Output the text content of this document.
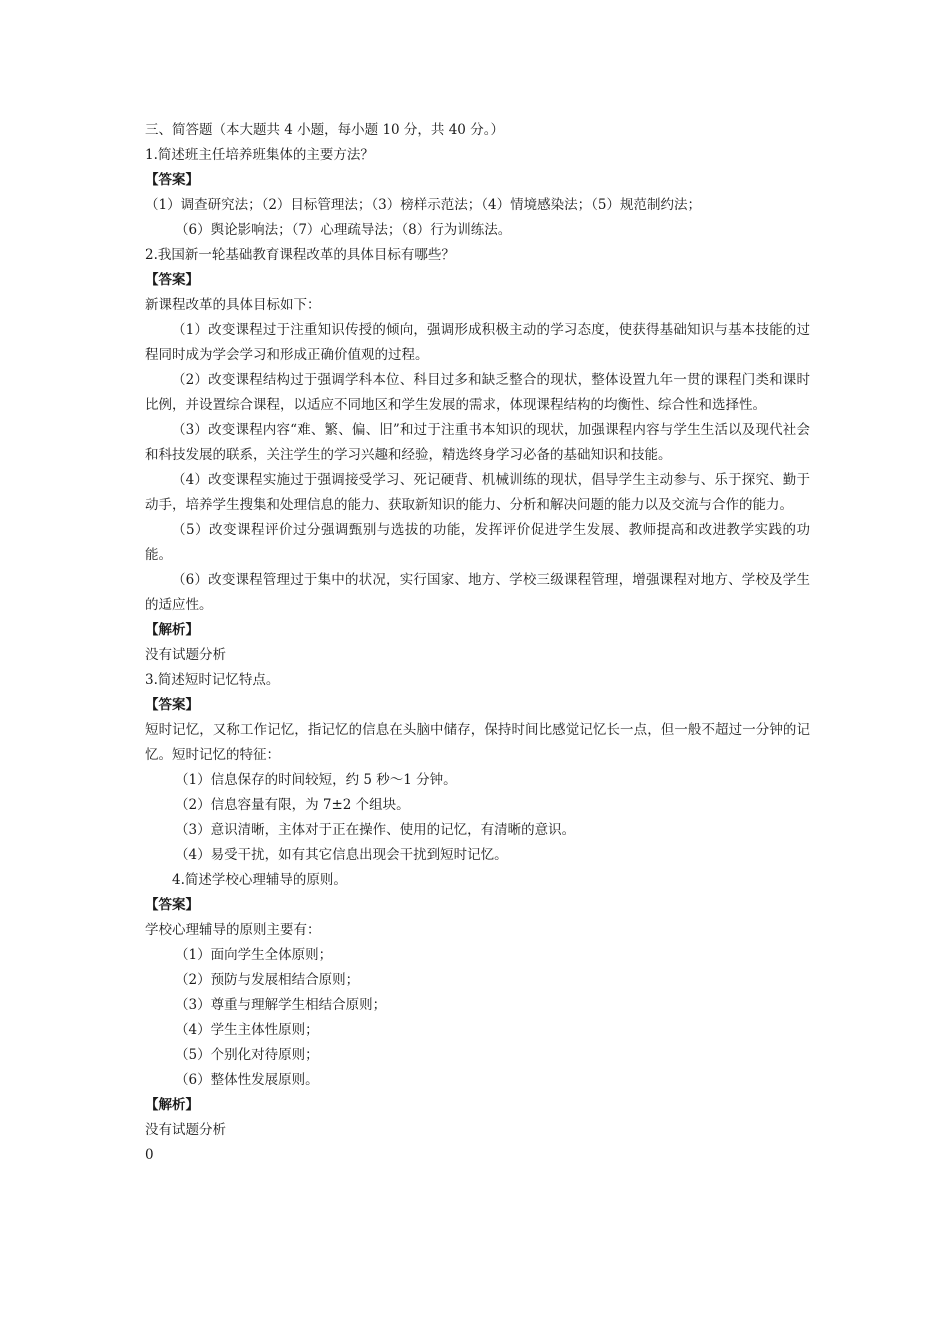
三、简答题（本大题共 4 小题，每小题 10 分，共 40 分。）
1.简述班主任培养班集体的主要方法？
【答案】
（1）调查研究法；（2）目标管理法；（3）榜样示范法；（4）情境感染法；（5）规范制约法；
（6）舆论影响法；（7）心理疏导法；（8）行为训练法。
2.我国新一轮基础教育课程改革的具体目标有哪些？
【答案】
新课程改革的具体目标如下：
（1）改变课程过于注重知识传授的倾向，强调形成积极主动的学习态度，使获得基础知识与基本技能的过程同时成为学会学习和形成正确价值观的过程。
（2）改变课程结构过于强调学科本位、科目过多和缺乏整合的现状，整体设置九年一贯的课程门类和课时比例，并设置综合课程，以适应不同地区和学生发展的需求，体现课程结构的均衡性、综合性和选择性。
（3）改变课程内容“难、繁、偏、旧”和过于注重书本知识的现状，加强课程内容与学生生活以及现代社会和科技发展的联系，关注学生的学习兴趣和经验，精选终身学习必备的基础知识和技能。
（4）改变课程实施过于强调接受学习、死记硬背、机械训练的现状，倡导学生主动参与、乐于探究、勤于动手，培养学生搜集和处理信息的能力、获取新知识的能力、分析和解决问题的能力以及交流与合作的能力。
（5）改变课程评价过分强调甄别与选拔的功能，发挥评价促进学生发展、教师提高和改进教学实践的功能。
（6）改变课程管理过于集中的状况，实行国家、地方、学校三级课程管理，增强课程对地方、学校及学生的适应性。
【解析】
没有试题分析
3.简述短时记忆特点。
【答案】
短时记忆，又称工作记忆，指记忆的信息在头脑中储存，保持时间比感觉记忆长一点，但一般不超过一分钟的记忆。短时记忆的特征：
（1）信息保存的时间较短，约 5 秒～1 分钟。
（2）信息容量有限，为 7±2 个组块。
（3）意识清晰，主体对于正在操作、使用的记忆，有清晰的意识。
（4）易受干扰，如有其它信息出现会干扰到短时记忆。
4.简述学校心理辅导的原则。
【答案】
学校心理辅导的原则主要有：
（1）面向学生全体原则；
（2）预防与发展相结合原则；
（3）尊重与理解学生相结合原则；
（4）学生主体性原则；
（5）个别化对待原则；
（6）整体性发展原则。
【解析】
没有试题分析
0
